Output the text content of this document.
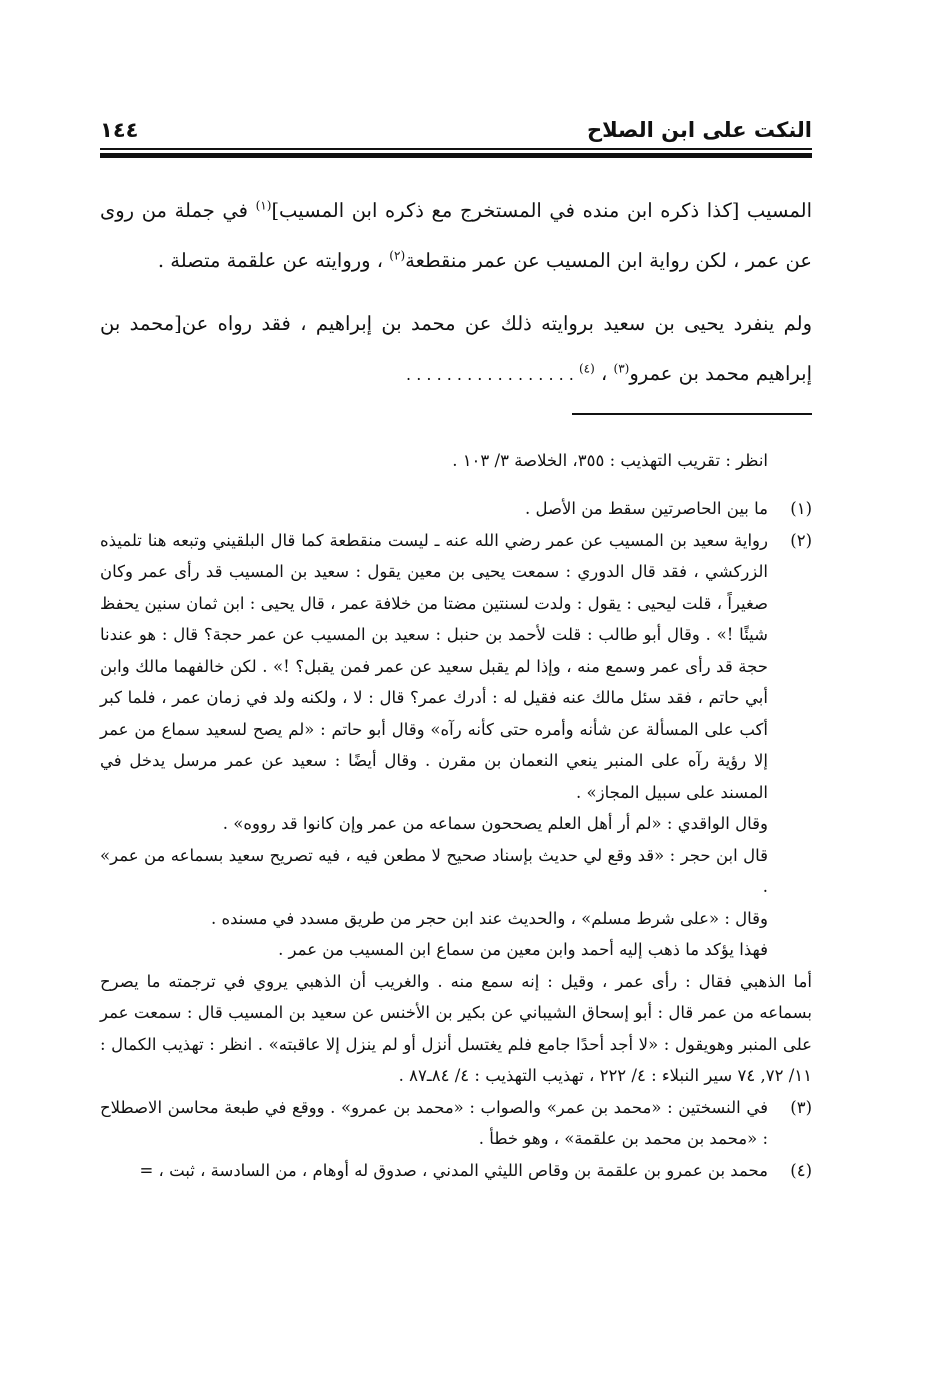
النكت على ابن الصلاح
١٤٤

المسيب [كذا ذكره ابن منده في المستخرج مع ذكره ابن المسيب]$^{(١)}$ في جملة من روى عن عمر ، لكن رواية ابن المسيب عن عمر منقطعة$^{(٢)}$ ، وروايته عن علقمة متصلة .

ولم ينفرد يحيى بن سعيد بروايته ذلك عن محمد بن إبراهيم ، فقد رواه عن[محمد بن إبراهيم محمد بن عمرو$^{(٣)}$ ، $^{(٤)}$ . . . . . . . . . . . . . . . . .

انظر : تقريب التهذيب : ٣٥٥، الخلاصة ٣/ ١٠٣ .

(١)

ما بين الحاصرتين سقط من الأصل .

(٢)

رواية سعيد بن المسيب عن عمر رضي الله عنه ـ ليست منقطعة كما قال البلقيني وتبعه هنا تلميذه الزركشي ، فقد قال الدوري : سمعت يحيى بن معين يقول : سعيد بن المسيب قد رأى عمر وكان صغيراً ، قلت ليحيى : يقول : ولدت لسنتين مضتا من خلافة عمر ، قال يحيى : ابن ثمان سنين يحفظ شيئًا !» . وقال أبو طالب : قلت لأحمد بن حنبل : سعيد بن المسيب عن عمر حجة؟ قال : هو عندنا حجة قد رأى عمر وسمع منه ، وإذا لم يقبل سعيد عن عمر فمن يقبل؟ !» . لكن خالفهما مالك وابن أبي حاتم ، فقد سئل مالك عنه فقيل له : أدرك عمر؟ قال : لا ، ولكنه ولد في زمان عمر ، فلما كبر أكب على المسألة عن شأنه وأمره حتى كأنه رآه» وقال أبو حاتم : «لم يصح لسعيد سماع من عمر إلا رؤية رآه على المنبر ينعي النعمان بن مقرن . وقال أيضًا : سعيد عن عمر مرسل يدخل في المسند على سبيل المجاز» .

وقال الواقدي : «لم أر أهل العلم يصححون سماعه من عمر وإن كانوا قد رووه» .

قال ابن حجر : «قد وقع لي حديث بإسناد صحيح لا مطعن فيه ، فيه تصريح سعيد بسماعه من عمر» .

وقال : «على شرط مسلم» ، والحديث عند ابن حجر من طريق مسدد في مسنده .

فهذا يؤكد ما ذهب إليه أحمد وابن معين من سماع ابن المسيب من عمر .

أما الذهبي فقال : رأى عمر ، وقيل : إنه سمع منه . والغريب أن الذهبي يروي في ترجمته ما يصرح بسماعه من عمر قال : أبو إسحاق الشيباني عن بكير بن الأخنس عن سعيد بن المسيب قال : سمعت عمر على المنبر وهويقول : «لا أجد أحدًا جامع فلم يغتسل أنزل أو لم ينزل إلا عاقبته» . انظر : تهذيب الكمال : ١١/ ٧٢, ٧٤ سير النبلاء : ٤/ ٢٢٢ ، تهذيب التهذيب : ٤/ ٨٤ـ٨٧ .

(٣)

في النسختين : «محمد بن عمر» والصواب : «محمد بن عمرو» . ووقع في طبعة محاسن الاصطلاح : «محمد بن محمد بن علقمة» ، وهو خطأ .

(٤)

محمد بن عمرو بن علقمة بن وقاص الليثي المدني ، صدوق له أوهام ، من السادسة ، ثبت ، =
